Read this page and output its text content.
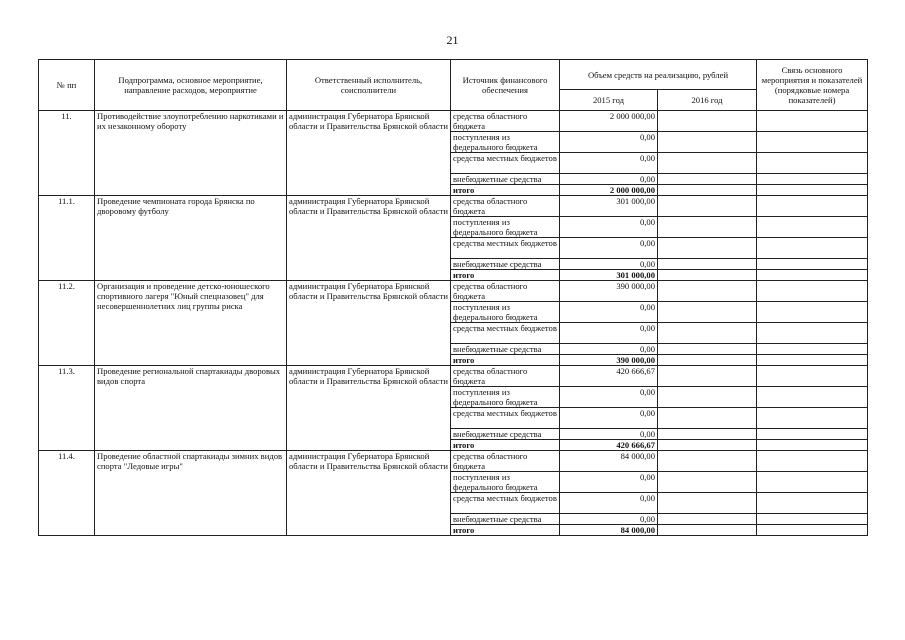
21
№ пп	Подпрограмма, основное мероприятие, направление расходов, мероприятие	Ответственный исполнитель, соисполнители	Источник финансового обеспечения	Объем средств на реализацию, рублей		Связь основного мероприятия и показателей (порядковые номера показателей)
				2015 год	2016 год	
11.	Противодействие злоупотреблению наркотиками и их незаконному обороту	администрация Губернатора Брянской области и Правительства Брянской области	средства областного бюджета	2 000 000,00		
			поступления из федерального бюджета	0,00		
			средства местных бюджетов	0,00		
			внебюджетные средства	0,00		
			итого	2 000 000,00		
11.1.	Проведение чемпионата города Брянска по дворовому футболу	администрация Губернатора Брянской области и Правительства Брянской области	средства областного бюджета	301 000,00		
			поступления из федерального бюджета	0,00		
			средства местных бюджетов	0,00		
			внебюджетные средства	0,00		
			итого	301 000,00		
11.2.	Организация и проведение детско-юношеского спортивного лагеря "Юный спецназовец" для несовершеннолетних лиц группы риска	администрация Губернатора Брянской области и Правительства Брянской области	средства областного бюджета	390 000,00		
			поступления из федерального бюджета	0,00		
			средства местных бюджетов	0,00		
			внебюджетные средства	0,00		
			итого	390 000,00		
11.3.	Проведение региональной спартакиады дворовых видов спорта	администрация Губернатора Брянской области и Правительства Брянской области	средства областного бюджета	420 666,67		
			поступления из федерального бюджета	0,00		
			средства местных бюджетов	0,00		
			внебюджетные средства	0,00		
			итого	420 666,67		
11.4.	Проведение областной спартакиады зимних видов спорта "Ледовые игры"	администрация Губернатора Брянской области и Правительства Брянской области	средства областного бюджета	84 000,00		
			поступления из федерального бюджета	0,00		
			средства местных бюджетов	0,00		
			внебюджетные средства	0,00		
			итого	84 000,00		
